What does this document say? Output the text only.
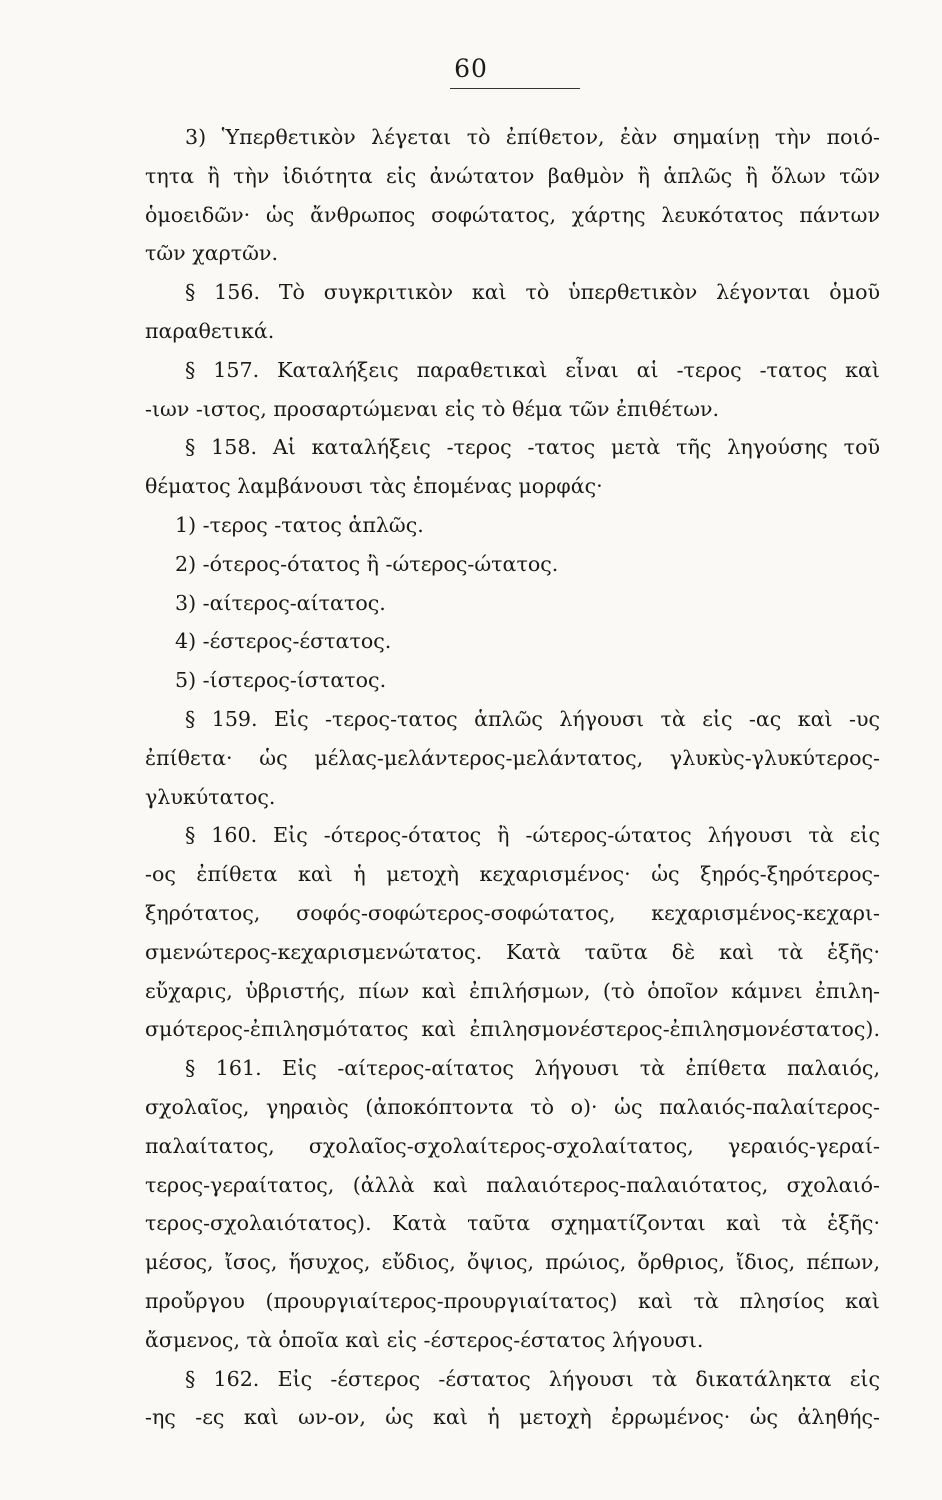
60
3) Ὑπερθετικὸν λέγεται τὸ ἐπίθετον, ἐὰν σημαίνῃ τὴν ποιό-
τητα ἢ τὴν ἰδιότητα εἰς ἀνώτατον βαθμὸν ἢ ἁπλῶς ἢ ὅλων τῶν
ὁμοειδῶν· ὡς ἄνθρωπος σοφώτατος, χάρτης λευκότατος πάντων
τῶν χαρτῶν.
§ 156. Τὸ συγκριτικὸν καὶ τὸ ὑπερθετικὸν λέγονται ὁμοῦ
παραθετικά.
§ 157. Καταλήξεις παραθετικαὶ εἶναι αἱ -τερος -τατος καὶ
-ιων -ιστος, προσαρτώμεναι εἰς τὸ θέμα τῶν ἐπιθέτων.
§ 158. Αἱ καταλήξεις -τερος -τατος μετὰ τῆς ληγούσης τοῦ
θέματος λαμβάνουσι τὰς ἑπομένας μορφάς·
1) -τερος -τατος ἁπλῶς.
2) -ότερος-ότατος ἢ -ώτερος-ώτατος.
3) -αίτερος-αίτατος.
4) -έστερος-έστατος.
5) -ίστερος-ίστατος.
§ 159. Εἰς -τερος-τατος ἁπλῶς λήγουσι τὰ εἰς -ας καὶ -υς
ἐπίθετα· ὡς μέλας-μελάντερος-μελάντατος, γλυκὺς-γλυκύτερος-
γλυκύτατος.
§ 160. Εἰς -ότερος-ότατος ἢ -ώτερος-ώτατος λήγουσι τὰ εἰς
-ος ἐπίθετα καὶ ἡ μετοχὴ κεχαρισμένος· ὡς ξηρός-ξηρότερος-
ξηρότατος, σοφός-σοφώτερος-σοφώτατος, κεχαρισμένος-κεχαρι-
σμενώτερος-κεχαρισμενώτατος. Κατὰ ταῦτα δὲ καὶ τὰ ἑξῆς·
εὔχαρις, ὑβριστής, πίων καὶ ἐπιλήσμων, (τὸ ὁποῖον κάμνει ἐπιλη-
σμότερος-ἐπιλησμότατος καὶ ἐπιλησμονέστερος-ἐπιλησμονέστατος).
§ 161. Εἰς -αίτερος-αίτατος λήγουσι τὰ ἐπίθετα παλαιός,
σχολαῖος, γηραιὸς (ἀποκόπτοντα τὸ ο)· ὡς παλαιός-παλαίτερος-
παλαίτατος, σχολαῖος-σχολαίτερος-σχολαίτατος, γεραιός-γεραί-
τερος-γεραίτατος, (ἀλλὰ καὶ παλαιότερος-παλαιότατος, σχολαιό-
τερος-σχολαιότατος). Κατὰ ταῦτα σχηματίζονται καὶ τὰ ἑξῆς·
μέσος, ἴσος, ἥσυχος, εὔδιος, ὄψιος, πρώιος, ὄρθριος, ἴδιος, πέπων,
προὔργου (προυργιαίτερος-προυργιαίτατος) καὶ τὰ πλησίος καὶ
ἄσμενος, τὰ ὁποῖα καὶ εἰς -έστερος-έστατος λήγουσι.
§ 162. Εἰς -έστερος -έστατος λήγουσι τὰ δικατάληκτα εἰς
-ης -ες καὶ ων-ον, ὡς καὶ ἡ μετοχὴ ἐρρωμένος· ὡς ἀληθής-
